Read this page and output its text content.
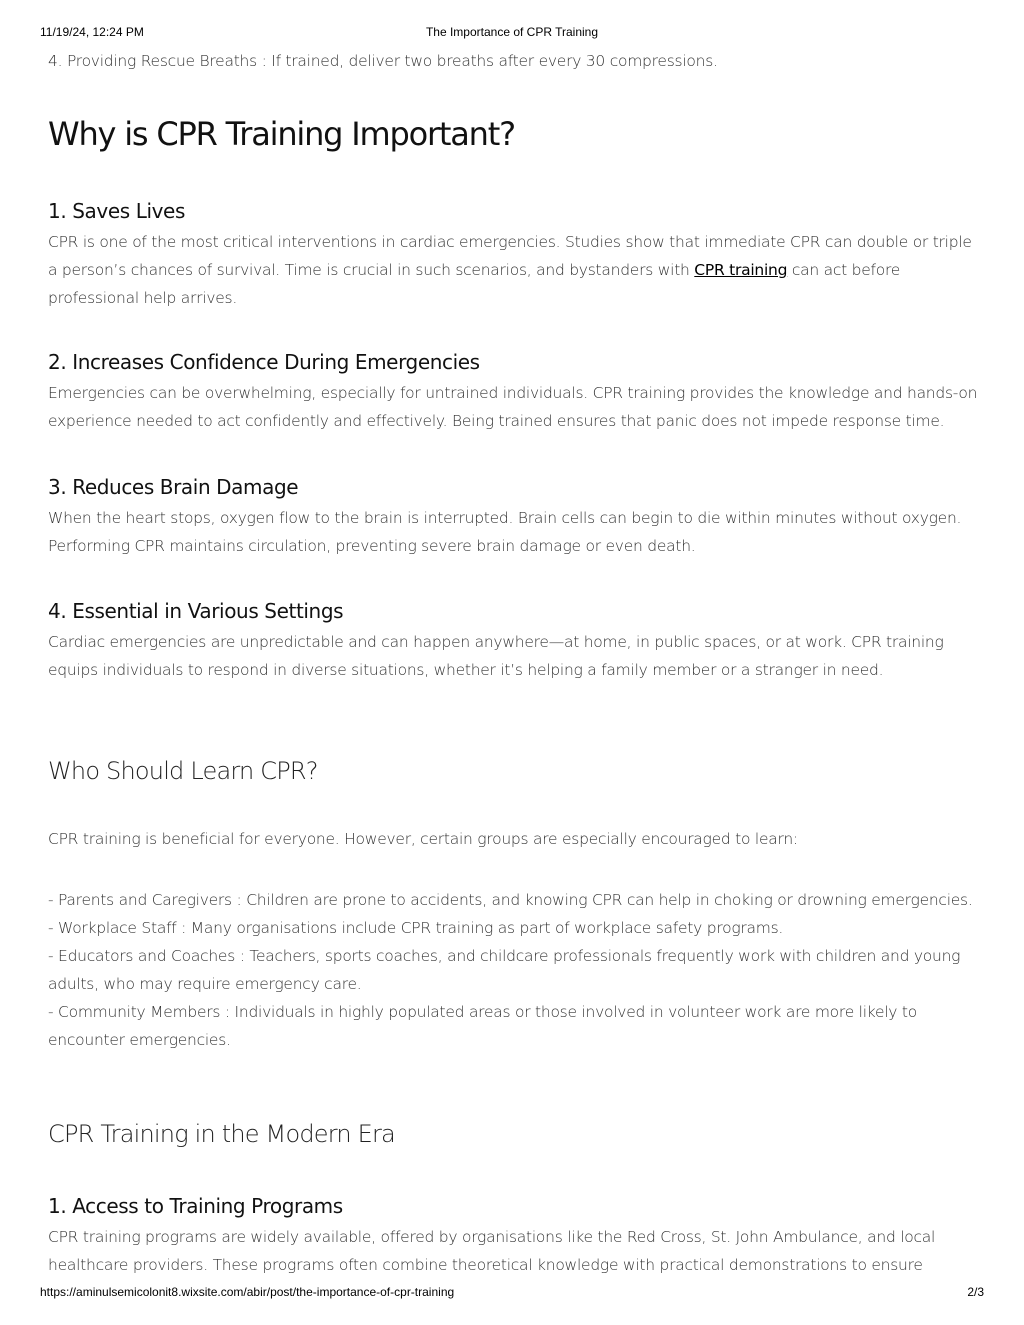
11/19/24, 12:24 PM	The Importance of CPR Training

4. Providing Rescue Breaths : If trained, deliver two breaths after every 30 compressions.

Why is CPR Training Important?
1. Saves Lives

CPR is one of the most critical interventions in cardiac emergencies. Studies show that immediate CPR can double or triple a person’s chances of survival. Time is crucial in such scenarios, and bystanders with CPR training can act before professional help arrives.

2. Increases Confidence During Emergencies

Emergencies can be overwhelming, especially for untrained individuals. CPR training provides the knowledge and hands-on experience needed to act confidently and effectively. Being trained ensures that panic does not impede response time.

3. Reduces Brain Damage

When the heart stops, oxygen flow to the brain is interrupted. Brain cells can begin to die within minutes without oxygen. Performing CPR maintains circulation, preventing severe brain damage or even death.

4. Essential in Various Settings

Cardiac emergencies are unpredictable and can happen anywhere—at home, in public spaces, or at work. CPR training equips individuals to respond in diverse situations, whether it’s helping a family member or a stranger in need.

Who Should Learn CPR?

CPR training is beneficial for everyone. However, certain groups are especially encouraged to learn:

- Parents and Caregivers : Children are prone to accidents, and knowing CPR can help in choking or drowning emergencies.
- Workplace Staff : Many organisations include CPR training as part of workplace safety programs.
- Educators and Coaches : Teachers, sports coaches, and childcare professionals frequently work with children and young adults, who may require emergency care.
- Community Members : Individuals in highly populated areas or those involved in volunteer work are more likely to encounter emergencies.
CPR Training in the Modern Era
1. Access to Training Programs

CPR training programs are widely available, offered by organisations like the Red Cross, St. John Ambulance, and local healthcare providers. These programs often combine theoretical knowledge with practical demonstrations to ensure

https://aminulsemicolonit8.wixsite.com/abir/post/the-importance-of-cpr-training	2/3
